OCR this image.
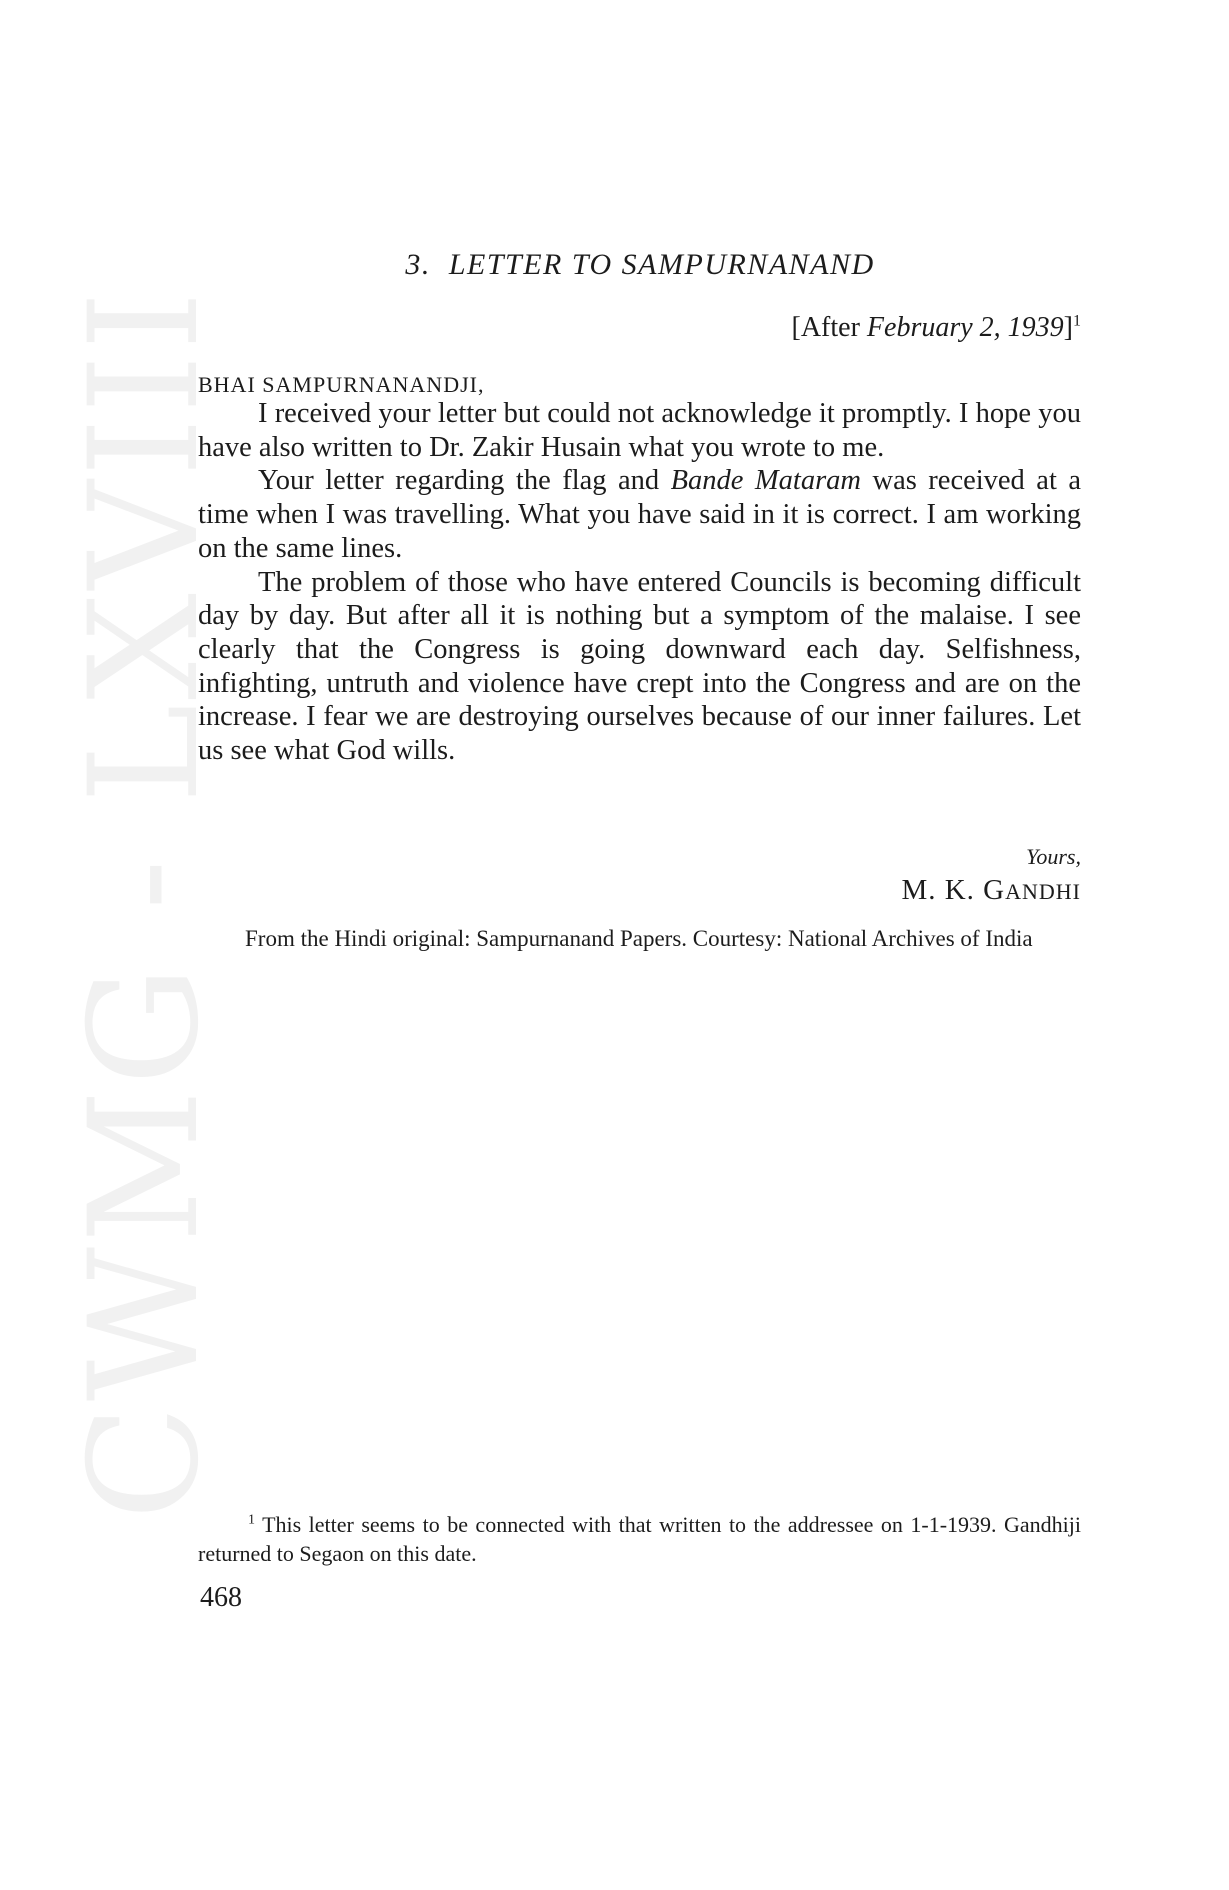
CWMG - LXVIII
3. LETTER TO SAMPURNANAND
[After February 2, 1939]$^1$
BHAI SAMPURNANANDJI,

I received your letter but could not acknowledge it promptly. I hope you have also written to Dr. Zakir Husain what you wrote to me.

Your letter regarding the flag and Bande Mataram was received at a time when I was travelling. What you have said in it is correct. I am working on the same lines.

The problem of those who have entered Councils is becoming difficult day by day. But after all it is nothing but a symptom of the malaise. I see clearly that the Congress is going downward each day. Selfishness, infighting, untruth and violence have crept into the Congress and are on the increase. I fear we are destroying ourselves because of our inner failures. Let us see what God wills.

Yours,
M. K. GANDHI

From the Hindi original: Sampurnanand Papers. Courtesy: National Archives of India

$^1$ This letter seems to be connected with that written to the addressee on 1-1-1939. Gandhiji returned to Segaon on this date.

468
